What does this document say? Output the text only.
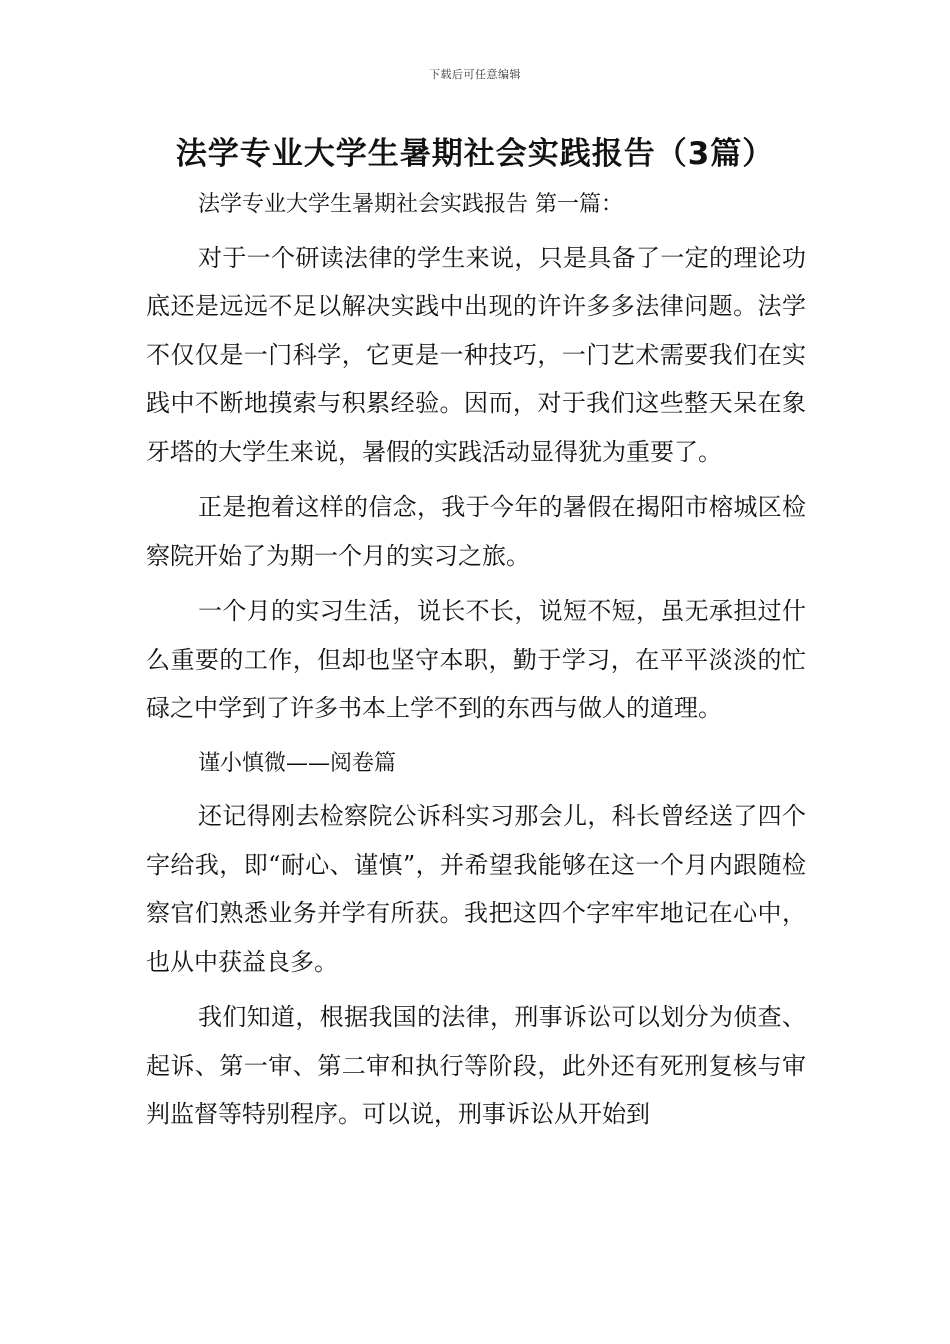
下载后可任意编辑
法学专业大学生暑期社会实践报告（3篇）

法学专业大学生暑期社会实践报告 第一篇：

对于一个研读法律的学生来说，只是具备了一定的理论功底还是远远不足以解决实践中出现的许许多多法律问题。法学不仅仅是一门科学，它更是一种技巧，一门艺术需要我们在实践中不断地摸索与积累经验。因而，对于我们这些整天呆在象牙塔的大学生来说，暑假的实践活动显得犹为重要了。

正是抱着这样的信念，我于今年的暑假在揭阳市榕城区检察院开始了为期一个月的实习之旅。

一个月的实习生活，说长不长，说短不短，虽无承担过什么重要的工作，但却也坚守本职，勤于学习，在平平淡淡的忙碌之中学到了许多书本上学不到的东西与做人的道理。

谨小慎微——阅卷篇

还记得刚去检察院公诉科实习那会儿，科长曾经送了四个字给我，即“耐心、谨慎”，并希望我能够在这一个月内跟随检察官们熟悉业务并学有所获。我把这四个字牢牢地记在心中，也从中获益良多。

我们知道，根据我国的法律，刑事诉讼可以划分为侦查、起诉、第一审、第二审和执行等阶段，此外还有死刑复核与审判监督等特别程序。可以说，刑事诉讼从开始到
